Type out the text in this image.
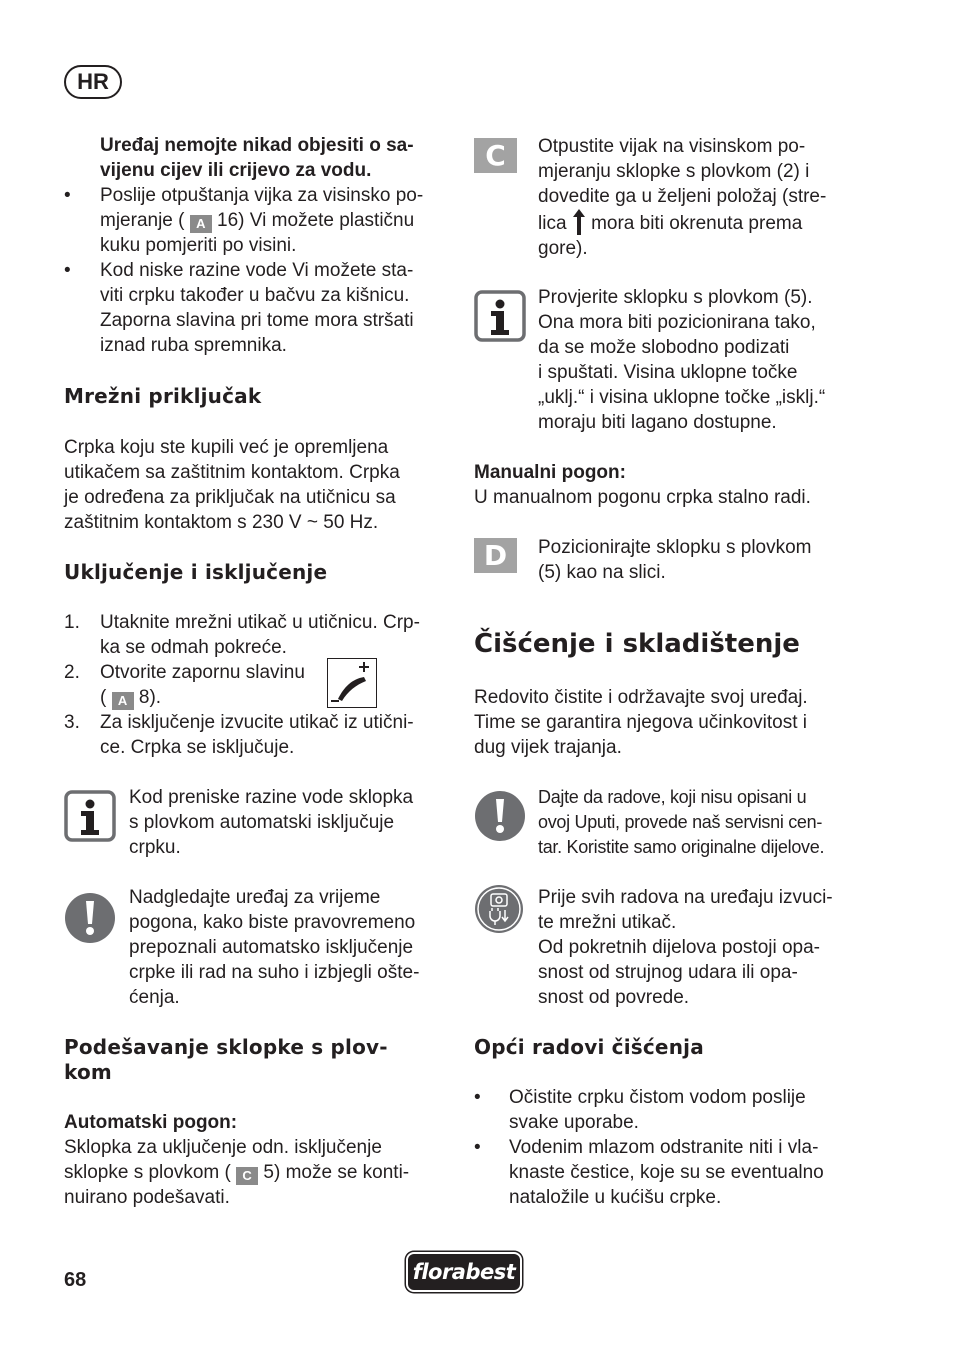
HR
Uređaj nemojte nikad objesiti o sa-
vijenu cijev ili crijevo za vodu.
• Poslije otpuštanja vijka za visinsko po-
mjeranje ( A 16) Vi možete plastičnu
kuku pomjeriti po visini.
• Kod niske razine vode Vi možete sta-
viti crpku također u bačvu za kišnicu.
Zaporna slavina pri tome mora stršati
iznad ruba spremnika.
Mrežni priključak
Crpka koju ste kupili već je opremljena
utikačem sa zaštitnim kontaktom. Crpka
je određena za priključak na utičnicu sa
zaštitnim kontaktom s 230 V ~ 50 Hz.
Uključenje i isključenje
1. Utaknite mrežni utikač u utičnicu. Crp-
ka se odmah pokreće.
2. Otvorite zapornu slavinu
( A 8).
3. Za isključenje izvucite utikač iz utični-
ce. Crpka se isključuje.
Kod preniske razine vode sklopka
s plovkom automatski isključuje
crpku.
Nadgledajte uređaj za vrijeme
pogona, kako biste pravovremeno
prepoznali automatsko isključenje
crpke ili rad na suho i izbjegli ošte-
ćenja.
Podešavanje sklopke s plov-
kom
Automatski pogon:
Sklopka za uključenje odn. isključenje
sklopke s plovkom ( C 5) može se konti-
nuirano podešavati.
C	Otpustite vijak na visinskom po-
mjeranju sklopke s plovkom (2) i
dovedite ga u željeni položaj (stre-
lica mora biti okrenuta prema
gore).
Provjerite sklopku s plovkom (5).
Ona mora biti pozicionirana tako,
da se može slobodno podizati
i spuštati. Visina uklopne točke
„uklj.“ i visina uklopne točke „isklj.“
moraju biti lagano dostupne.
Manualni pogon:
U manualnom pogonu crpka stalno radi.
D	Pozicionirajte sklopku s plovkom
(5) kao na slici.
Čišćenje i skladištenje
Redovito čistite i održavajte svoj uređaj.
Time se garantira njegova učinkovitost i
dug vijek trajanja.
Dajte da radove, koji nisu opisani u
ovoj Uputi, provede naš servisni cen-
tar. Koristite samo originalne dijelove.
Prije svih radova na uređaju izvuci-
te mrežni utikač.
Od pokretnih dijelova postoji opa-
snost od strujnog udara ili opa-
snost od povrede.
Opći radovi čišćenja
• Očistite crpku čistom vodom poslije
svake uporabe.
• Vodenim mlazom odstranite niti i vla-
knaste čestice, koje su se eventualno
nataložile u kućišu crpke.
68	florabest
